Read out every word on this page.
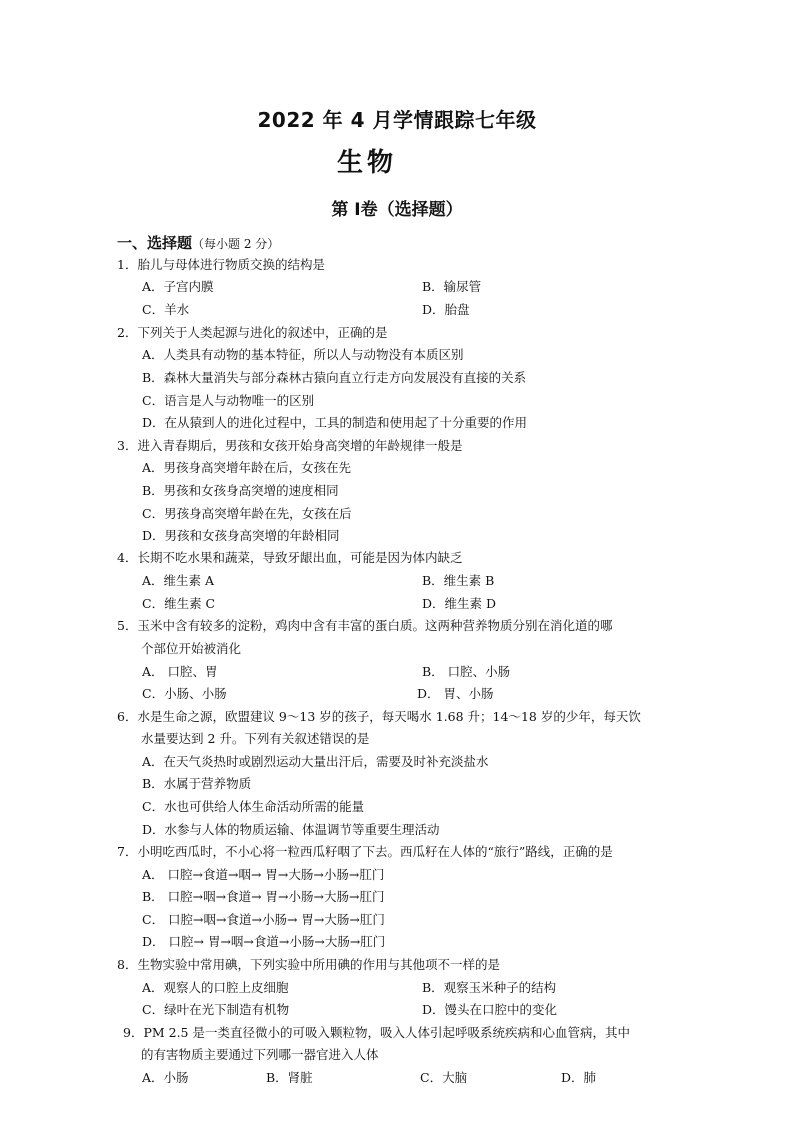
2022 年 4 月学情跟踪七年级
生物
第 Ⅰ卷（选择题）
一、选择题（每小题 2 分）
1．胎儿与母体进行物质交换的结构是
A．子宫内膜	B．输尿管
C．羊水	D．胎盘
2．下列关于人类起源与进化的叙述中，正确的是
A．人类具有动物的基本特征，所以人与动物没有本质区别
B．森林大量消失与部分森林古猿向直立行走方向发展没有直接的关系
C．语言是人与动物唯一的区别
D．在从猿到人的进化过程中，工具的制造和使用起了十分重要的作用
3．进入青春期后，男孩和女孩开始身高突增的年龄规律一般是
A．男孩身高突增年龄在后，女孩在先
B．男孩和女孩身高突增的速度相同
C．男孩身高突增年龄在先，女孩在后
D．男孩和女孩身高突增的年龄相同
4．长期不吃水果和蔬菜，导致牙龈出血，可能是因为体内缺乏
A．维生素 A	B．维生素 B
C．维生素 C	D．维生素 D
5．玉米中含有较多的淀粉，鸡肉中含有丰富的蛋白质。这两种营养物质分别在消化道的哪
个部位开始被消化
A． 口腔、胃	B． 口腔、小肠
C．小肠、小肠	D． 胃、小肠
6．水是生命之源，欧盟建议 9～13 岁的孩子，每天喝水 1.68 升；14～18 岁的少年，每天饮
水量要达到 2 升。下列有关叙述错误的是
A．在天气炎热时或剧烈运动大量出汗后，需要及时补充淡盐水
B．水属于营养物质
C．水也可供给人体生命活动所需的能量
D．水参与人体的物质运输、体温调节等重要生理活动
7．小明吃西瓜时，不小心将一粒西瓜籽咽了下去。西瓜籽在人体的“旅行”路线，正确的是
A． 口腔→食道→咽→ 胃→大肠→小肠→肛门
B． 口腔→咽→食道→ 胃→小肠→大肠→肛门
C． 口腔→咽→食道→小肠→ 胃→大肠→肛门
D． 口腔→ 胃→咽→食道→小肠→大肠→肛门
8．生物实验中常用碘，下列实验中所用碘的作用与其他项不一样的是
A．观察人的口腔上皮细胞	B．观察玉米种子的结构
C．绿叶在光下制造有机物	D．馒头在口腔中的变化
9．PM 2.5 是一类直径微小的可吸入颗粒物，吸入人体引起呼吸系统疾病和心血管病，其中
的有害物质主要通过下列哪一器官进入人体
A．小肠	B．肾脏	C．大脑	D．肺
